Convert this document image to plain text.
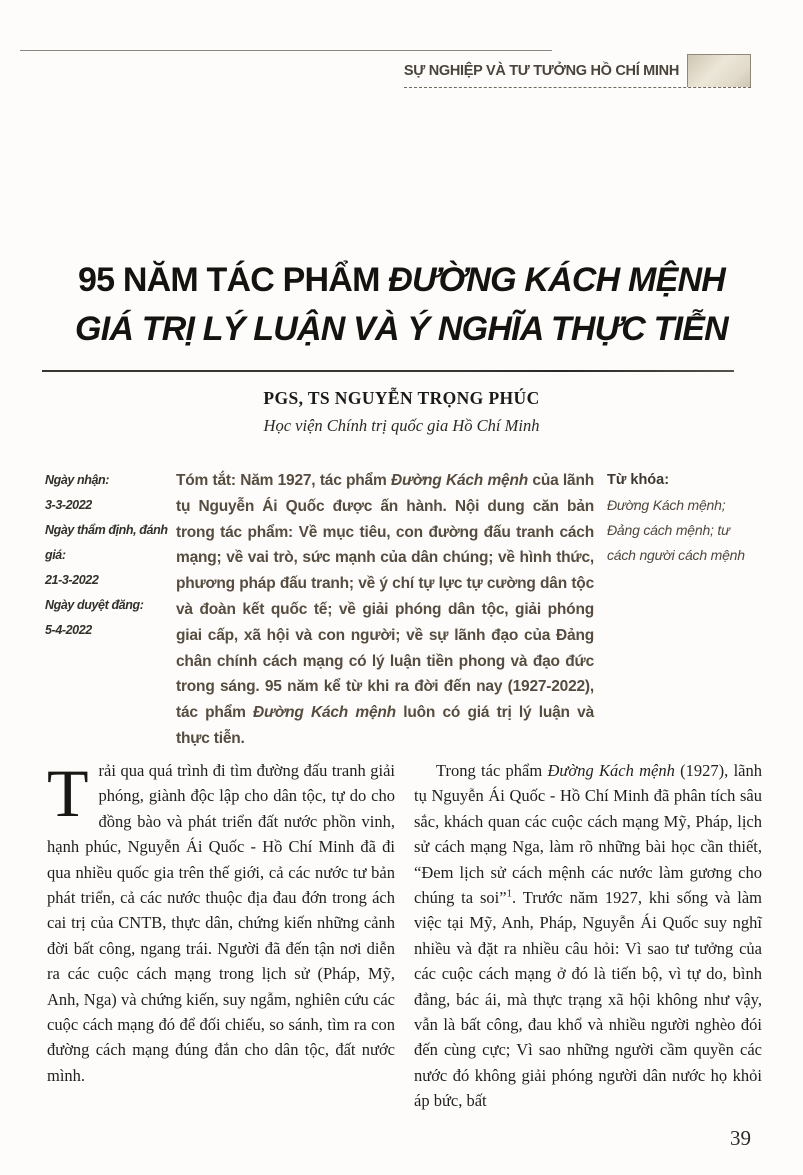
SỰ NGHIỆP VÀ TƯ TƯỞNG HỒ CHÍ MINH
95 NĂM TÁC PHẨM ĐƯỜNG KÁCH MỆNH
GIÁ TRỊ LÝ LUẬN VÀ Ý NGHĨA THỰC TIỄN
PGS, TS NGUYỄN TRỌNG PHÚC
Học viện Chính trị quốc gia Hồ Chí Minh
Ngày nhận:
3-3-2022
Ngày thẩm định, đánh giá:
21-3-2022
Ngày duyệt đăng:
5-4-2022
Tóm tắt: Năm 1927, tác phẩm Đường Kách mệnh của lãnh tụ Nguyễn Ái Quốc được ấn hành. Nội dung căn bản trong tác phẩm: Về mục tiêu, con đường đấu tranh cách mạng; về vai trò, sức mạnh của dân chúng; về hình thức, phương pháp đấu tranh; về ý chí tự lực tự cường dân tộc và đoàn kết quốc tế; về giải phóng dân tộc, giải phóng giai cấp, xã hội và con người; về sự lãnh đạo của Đảng chân chính cách mạng có lý luận tiền phong và đạo đức trong sáng. 95 năm kể từ khi ra đời đến nay (1927-2022), tác phẩm Đường Kách mệnh luôn có giá trị lý luận và thực tiễn.
Từ khóa:
Đường Kách mệnh; Đảng cách mệnh; tư cách người cách mệnh

Trải qua quá trình đi tìm đường đấu tranh giải phóng, giành độc lập cho dân tộc, tự do cho đồng bào và phát triển đất nước phồn vinh, hạnh phúc, Nguyễn Ái Quốc - Hồ Chí Minh đã đi qua nhiều quốc gia trên thế giới, cả các nước tư bản phát triển, cả các nước thuộc địa đau đớn trong ách cai trị của CNTB, thực dân, chứng kiến những cảnh đời bất công, ngang trái. Người đã đến tận nơi diễn ra các cuộc cách mạng trong lịch sử (Pháp, Mỹ, Anh, Nga) và chứng kiến, suy ngẫm, nghiên cứu các cuộc cách mạng đó để đối chiếu, so sánh, tìm ra con đường cách mạng đúng đắn cho dân tộc, đất nước mình.

Trong tác phẩm Đường Kách mệnh (1927), lãnh tụ Nguyễn Ái Quốc - Hồ Chí Minh đã phân tích sâu sắc, khách quan các cuộc cách mạng Mỹ, Pháp, lịch sử cách mạng Nga, làm rõ những bài học cần thiết, “Đem lịch sử cách mệnh các nước làm gương cho chúng ta soi”$^1$. Trước năm 1927, khi sống và làm việc tại Mỹ, Anh, Pháp, Nguyễn Ái Quốc suy nghĩ nhiều và đặt ra nhiều câu hỏi: Vì sao tư tưởng của các cuộc cách mạng ở đó là tiến bộ, vì tự do, bình đẳng, bác ái, mà thực trạng xã hội không như vậy, vẫn là bất công, đau khổ và nhiều người nghèo đói đến cùng cực; Vì sao những người cầm quyền các nước đó không giải phóng người dân nước họ khỏi áp bức, bất

39
